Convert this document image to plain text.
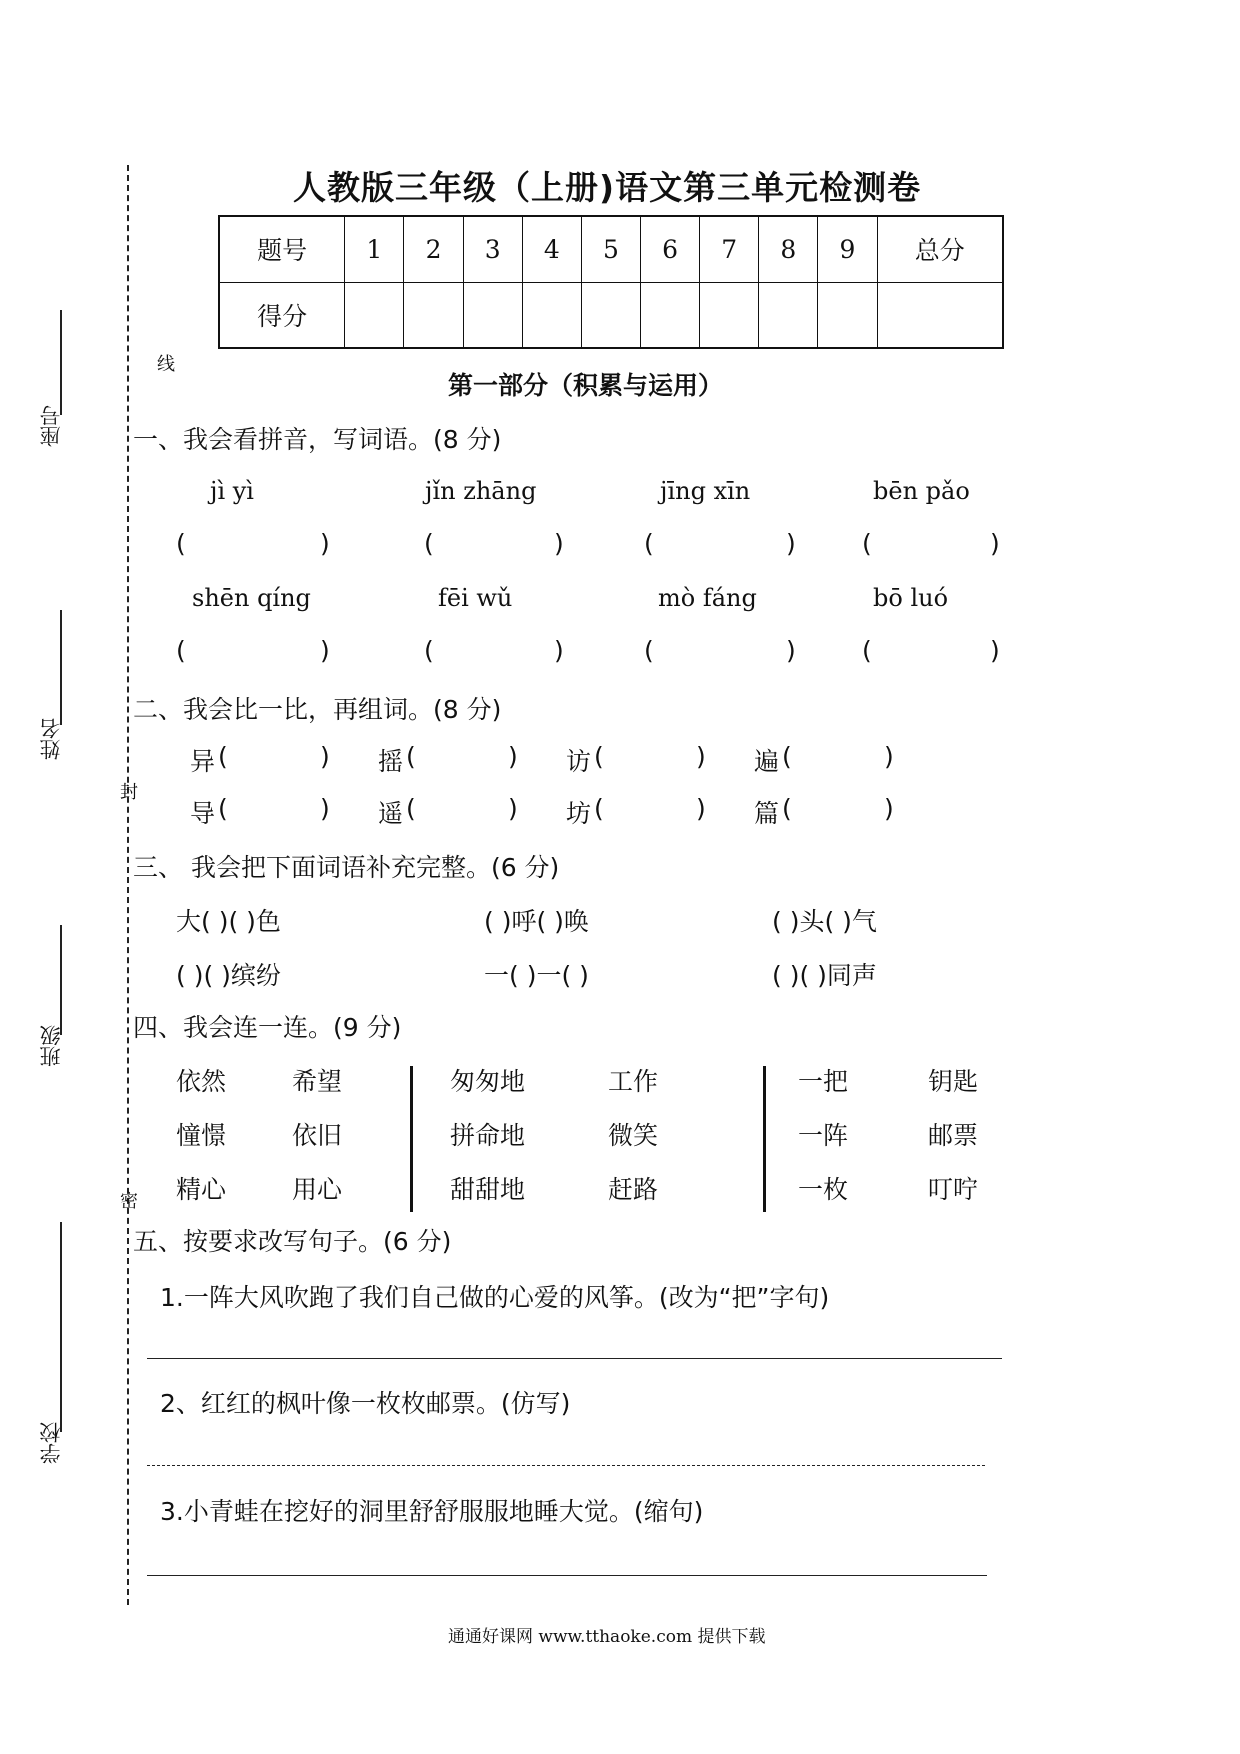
座号
姓名
班级
学校
线
封
密
人教版三年级（上册)语文第三单元检测卷
题号	1	2	3	4	5	6	7	8	9	总分
得分										
第一部分（积累与运用）
一、我会看拼音，写词语。(8 分)
jì yì	jǐn zhāng	jīng xīn	bēn pǎo
(	)	(	)	(	)	(	)
shēn qíng	fēi wǔ	mò fáng	bō luó
(	)	(	)	(	)	(	)
二、我会比一比，再组词。(8 分)
异 (	) 摇 (	) 访 (	) 遍 (	)
导 (	) 遥 (	) 坊 (	) 篇 (	)
三、 我会把下面词语补充完整。(6 分)
大( )( )色	( )呼( )唤	( )头( )气
( )( )缤纷	一( )一( )	( )( )同声
四、我会连一连。(9 分)
依然	希望
憧憬	依旧
精心	用心
匆匆地	工作
拼命地	微笑
甜甜地	赶路
一把	钥匙
一阵	邮票
一枚	叮咛
五、按要求改写句子。(6 分)
1.一阵大风吹跑了我们自己做的心爱的风筝。(改为“把”字句)
2、红红的枫叶像一枚枚邮票。(仿写)
3.小青蛙在挖好的洞里舒舒服服地睡大觉。(缩句)
通通好课网 www.tthaoke.com 提供下载
